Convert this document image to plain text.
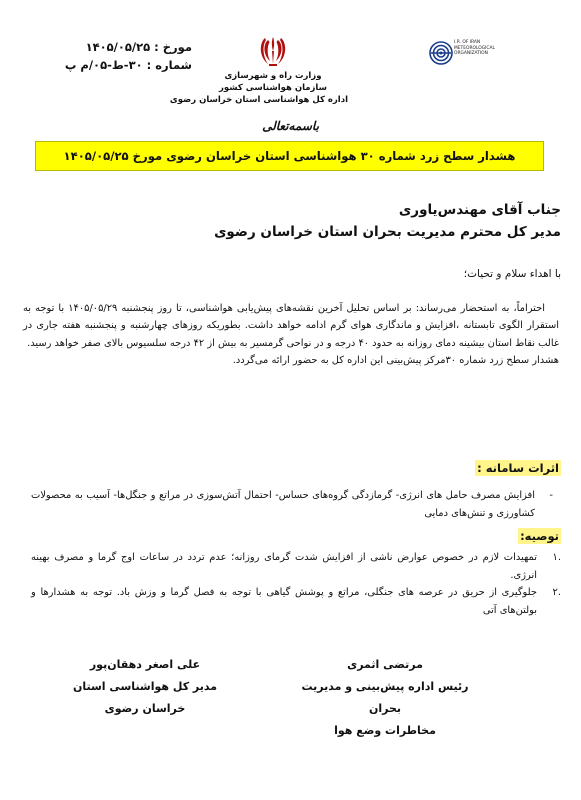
مورخ :
۱۴۰۵/۰۵/۲۵
شماره :
۳۰-ط-۰۵/م پ
وزارت راه و شهرسازی
سازمان هواشناسی کشور
اداره کل هواشناسی استان خراسان رضوی
I.R. OF IRAN METEOROLOGICAL ORGANIZATION
باسمه‌تعالی
هشدار سطح زرد شماره ۳۰ هواشناسی استان خراسان رضوی مورخ ۱۴۰۵/۰۵/۲۵
جناب آقای مهندس‌یاوری
مدیر کل محترم مدیریت بحران استان خراسان رضوی
با اهداء سلام و تحیات؛

احتراماً، به استحضار می‌رساند: بر اساس تحلیل آخرین نقشه‌های پیش‌یابی هواشناسی، تا روز پنجشنبه ۱۴۰۵/۰۵/۲۹ با توجه به استقرار الگوی تابستانه ،افزایش و ماندگاری هوای گرم ادامه خواهد داشت. بطوریکه روزهای چهارشنبه و پنجشنبه هفته جاری در غالب نقاط استان بیشینه دمای روزانه به حدود ۴۰ درجه و در نواحی گرمسیر به بیش از ۴۲ درجه سلسیوس بالای صفر خواهد رسید.

هشدار سطح زرد شماره ۳۰مرکز پیش‌بینی این اداره کل به حضور ارائه می‌گردد.

اثرات سامانه :
-
افزایش مصرف حامل های انرژی- گرمازدگی گروه‌های حساس- احتمال آتش‌سوزی در مراتع و جنگل‌ها- آسیب به محصولات کشاورزی و تنش‌های دمایی
توصیه:
.۱
تمهیدات لازم در خصوص عوارض ناشی از افزایش شدت گرمای روزانه؛ عدم تردد در ساعات اوج گرما و مصرف بهینه انرژی.
.۲
جلوگیری از حریق در عرصه های جنگلی، مراتع و پوشش گیاهی با توجه به فصل گرما و وزش باد. توجه به هشدارها و بولتن‌های آتی
مرتضی اثمری
رئیس اداره پیش‌بینی و مدیریت بحران
مخاطرات وضع هوا
علی اصغر دهقان‌پور
مدیر کل هواشناسی استان خراسان رضوی
